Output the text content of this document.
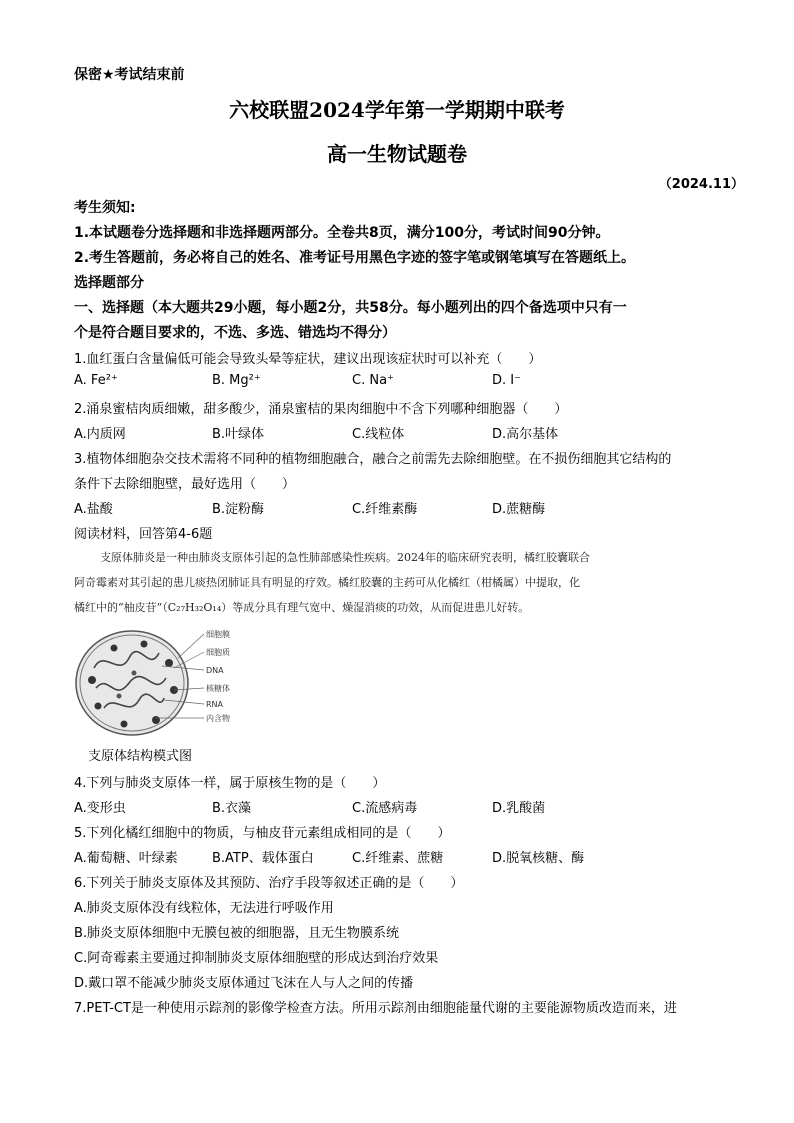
保密★考试结束前
六校联盟2024学年第一学期期中联考
高一生物试题卷
（2024.11）
考生须知:
1.本试题卷分选择题和非选择题两部分。全卷共8页，满分100分，考试时间90分钟。
2.考生答题前，务必将自己的姓名、准考证号用黑色字迹的签字笔或钢笔填写在答题纸上。
选择题部分
一、选择题（本大题共29小题，每小题2分，共58分。每小题列出的四个备选项中只有一
个是符合题目要求的，不选、多选、错选均不得分）
1.血红蛋白含量偏低可能会导致头晕等症状，建议出现该症状时可以补充（　　）
A. Fe²⁺	B. Mg²⁺	C. Na⁺	D. I⁻
2.涌泉蜜桔肉质细嫩，甜多酸少，涌泉蜜桔的果肉细胞中不含下列哪种细胞器（　　）
A.内质网	B.叶绿体	C.线粒体	D.高尔基体
3.植物体细胞杂交技术需将不同种的植物细胞融合，融合之前需先去除细胞壁。在不损伤细胞其它结构的
条件下去除细胞壁，最好选用（　　）
A.盐酸	B.淀粉酶	C.纤维素酶	D.蔗糖酶
阅读材料，回答第4-6题
支原体肺炎是一种由肺炎支原体引起的急性肺部感染性疾病。2024年的临床研究表明，橘红胶囊联合
阿奇霉素对其引起的患儿痰热闭肺证具有明显的疗效。橘红胶囊的主药可从化橘红（柑橘属）中提取，化
橘红中的“柚皮苷”（C₂₇H₃₂O₁₄）等成分具有理气宽中、燥湿消痰的功效，从而促进患儿好转。
细胞膜
细胞质
DNA
核糖体
RNA
内含物
支原体结构模式图
4.下列与肺炎支原体一样，属于原核生物的是（　　）
A.变形虫	B.衣藻	C.流感病毒	D.乳酸菌
5.下列化橘红细胞中的物质，与柚皮苷元素组成相同的是（　　）
A.葡萄糖、叶绿素	B.ATP、载体蛋白	C.纤维素、蔗糖	D.脱氧核糖、酶
6.下列关于肺炎支原体及其预防、治疗手段等叙述正确的是（　　）
A.肺炎支原体没有线粒体，无法进行呼吸作用
B.肺炎支原体细胞中无膜包被的细胞器，且无生物膜系统
C.阿奇霉素主要通过抑制肺炎支原体细胞壁的形成达到治疗效果
D.戴口罩不能减少肺炎支原体通过飞沫在人与人之间的传播
7.PET-CT是一种使用示踪剂的影像学检查方法。所用示踪剂由细胞能量代谢的主要能源物质改造而来，进
